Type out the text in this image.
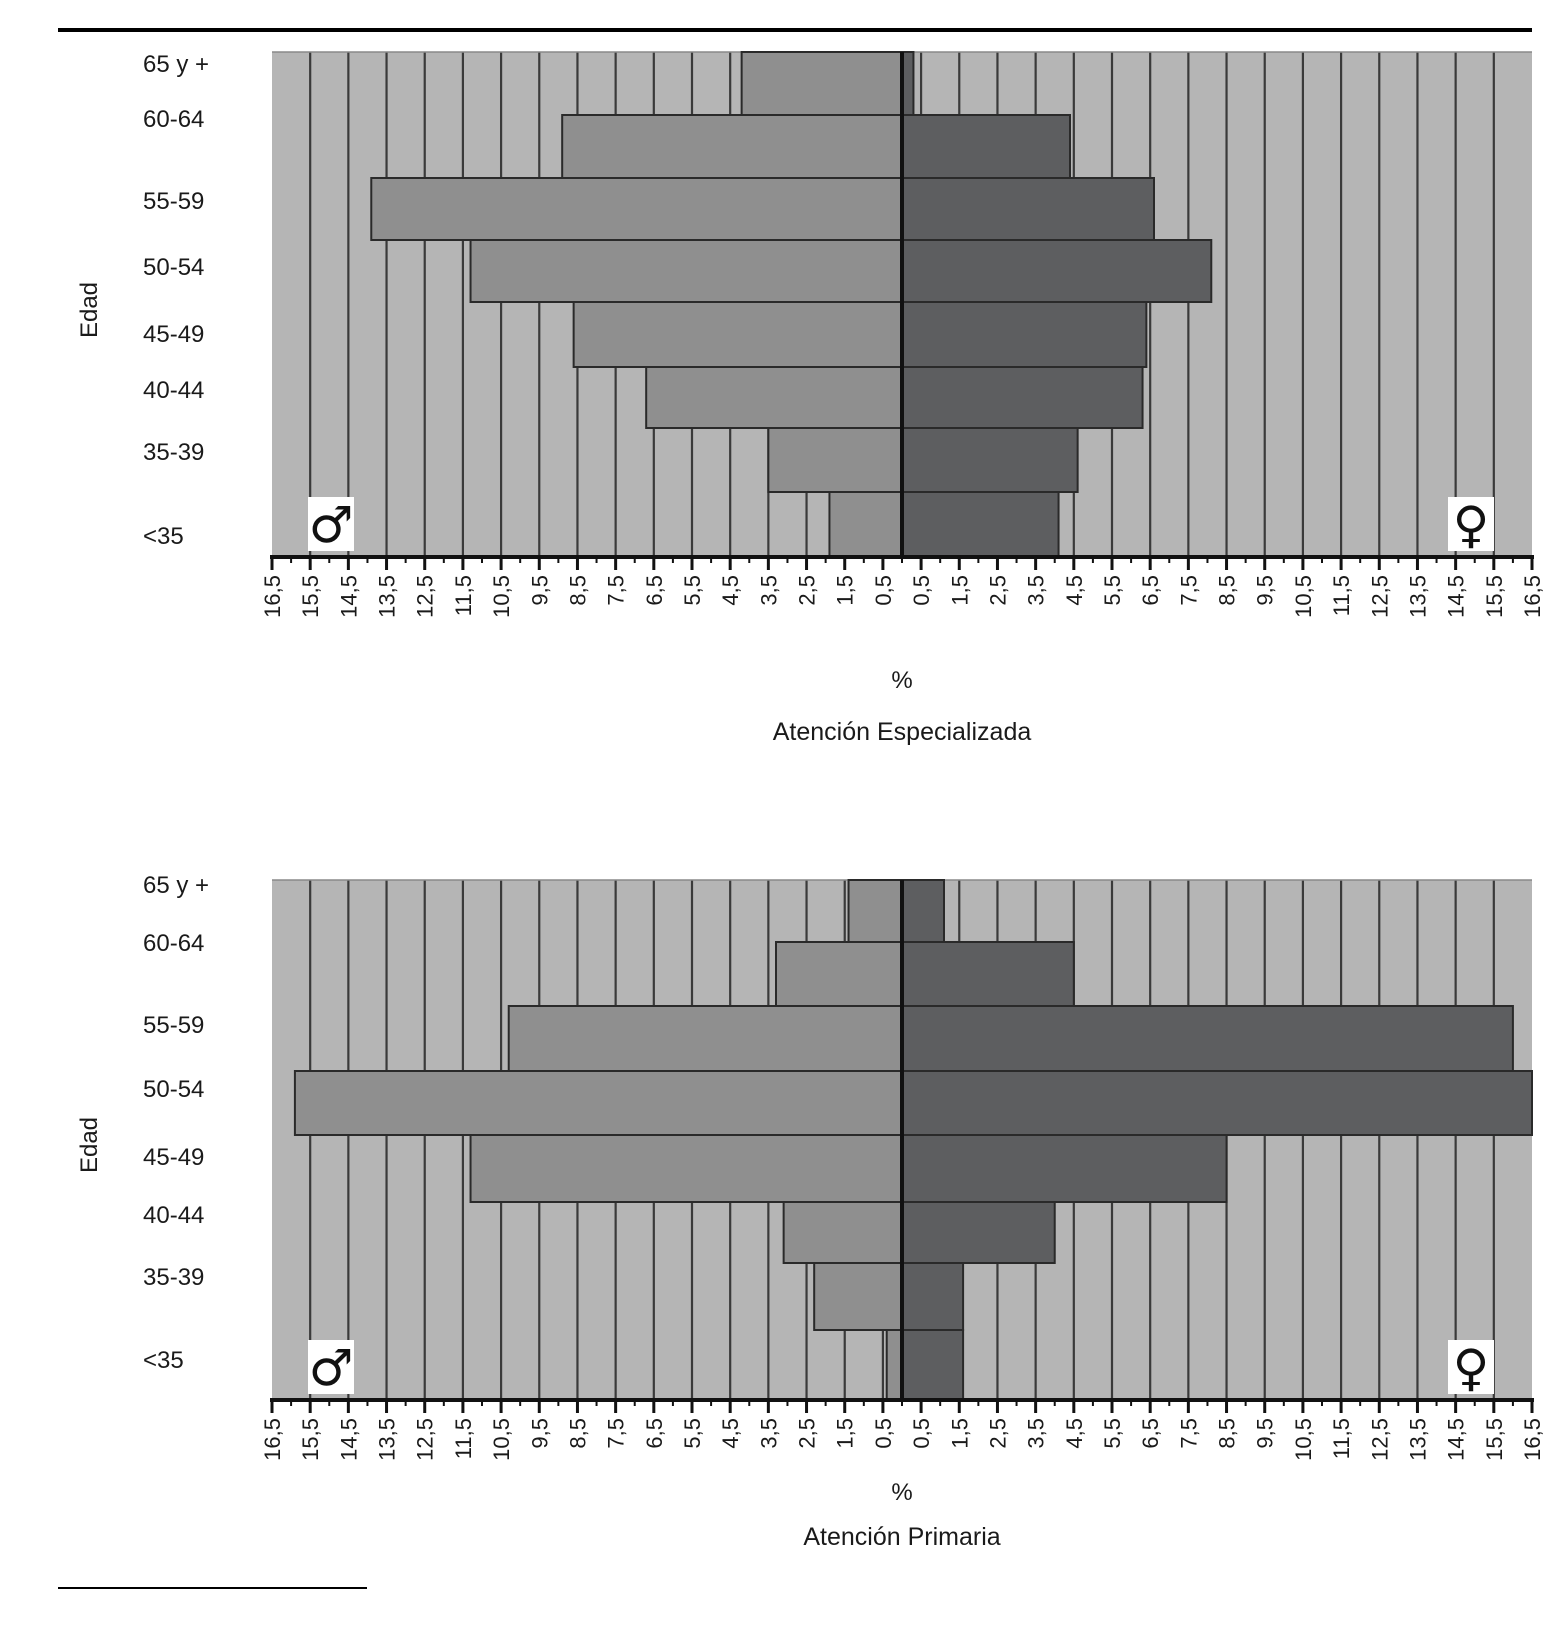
16,5 15,5 14,5 13,5 12,5 11,5 10,5 9,5 8,5 7,5 6,5 5,5 4,5 3,5 2,5 1,5 0,5 0,5 1,5 2,5 3,5 4,5 5,5 6,5 7,5 8,5 9,5 10,5 11,5 12,5 13,5 14,5 15,5 16,5
65 y +
60-64
55-59
50-54
45-49
40-44
35-39
<35
Edad
%
Atención Especializada
♂	♀
16,5 15,5 14,5 13,5 12,5 11,5 10,5 9,5 8,5 7,5 6,5 5,5 4,5 3,5 2,5 1,5 0,5 0,5 1,5 2,5 3,5 4,5 5,5 6,5 7,5 8,5 9,5 10,5 11,5 12,5 13,5 14,5 15,5 16,5
65 y +
60-64
55-59
50-54
45-49
40-44
35-39
<35
Edad
%
Atención Primaria
♂	♀
